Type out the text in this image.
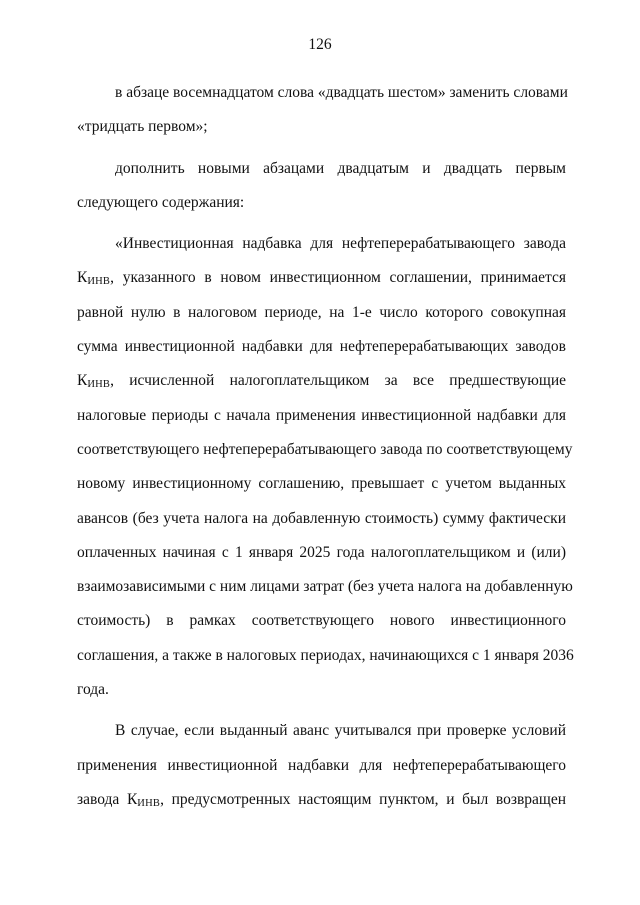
126
в абзаце восемнадцатом слова «двадцать шестом» заменить словами
«тридцать первом»;
дополнить новыми абзацами двадцатым и двадцать первым
следующего содержания:
«Инвестиционная надбавка для нефтеперерабатывающего завода
КИНВ, указанного в новом инвестиционном соглашении, принимается
равной нулю в налоговом периоде, на 1-е число которого совокупная
сумма инвестиционной надбавки для нефтеперерабатывающих заводов
КИНВ, исчисленной налогоплательщиком за все предшествующие
налоговые периоды с начала применения инвестиционной надбавки для
соответствующего нефтеперерабатывающего завода по соответствующему
новому инвестиционному соглашению, превышает с учетом выданных
авансов (без учета налога на добавленную стоимость) сумму фактически
оплаченных начиная с 1 января 2025 года налогоплательщиком и (или)
взаимозависимыми с ним лицами затрат (без учета налога на добавленную
стоимость) в рамках соответствующего нового инвестиционного
соглашения, а также в налоговых периодах, начинающихся с 1 января 2036
года.
В случае, если выданный аванс учитывался при проверке условий
применения инвестиционной надбавки для нефтеперерабатывающего
завода КИНВ, предусмотренных настоящим пунктом, и был возвращен
